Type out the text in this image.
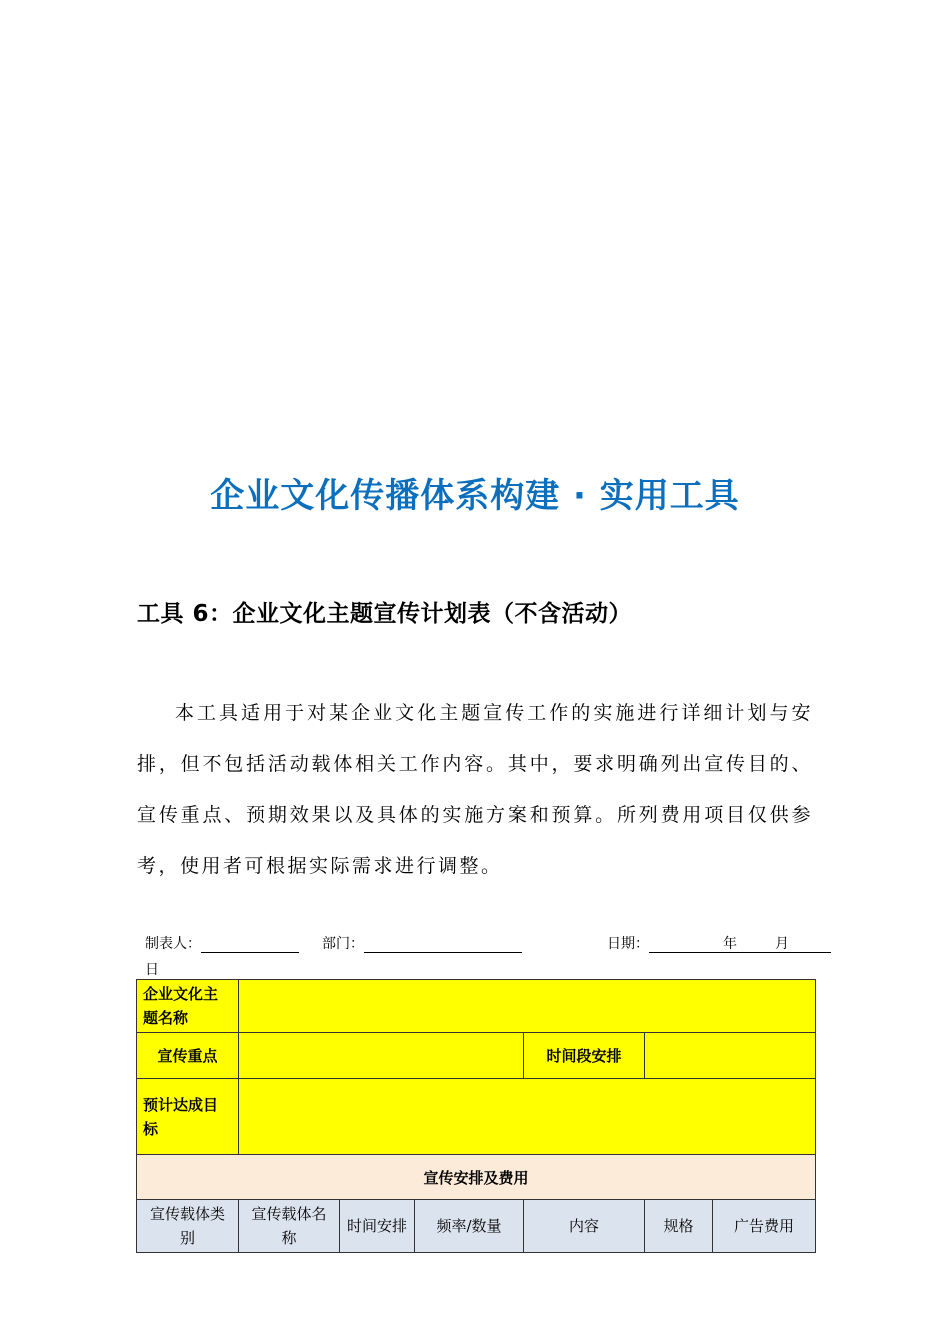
企业文化传播体系构建 · 实用工具
工具 6：企业文化主题宣传计划表（不含活动）

本工具适用于对某企业文化主题宣传工作的实施进行详细计划与安排，但不包括活动载体相关工作内容。其中，要求明确列出宣传目的、宣传重点、预期效果以及具体的实施方案和预算。所列费用项目仅供参考，使用者可根据实际需求进行调整。

制表人：	部门：	日期：	年	月
日
企业文化主题名称						
宣传重点				时间段安排		
预计达成目标						
宣传安排及费用						
宣传载体类别	宣传载体名称	时间安排	频率/数量	内容	规格	广告费用
